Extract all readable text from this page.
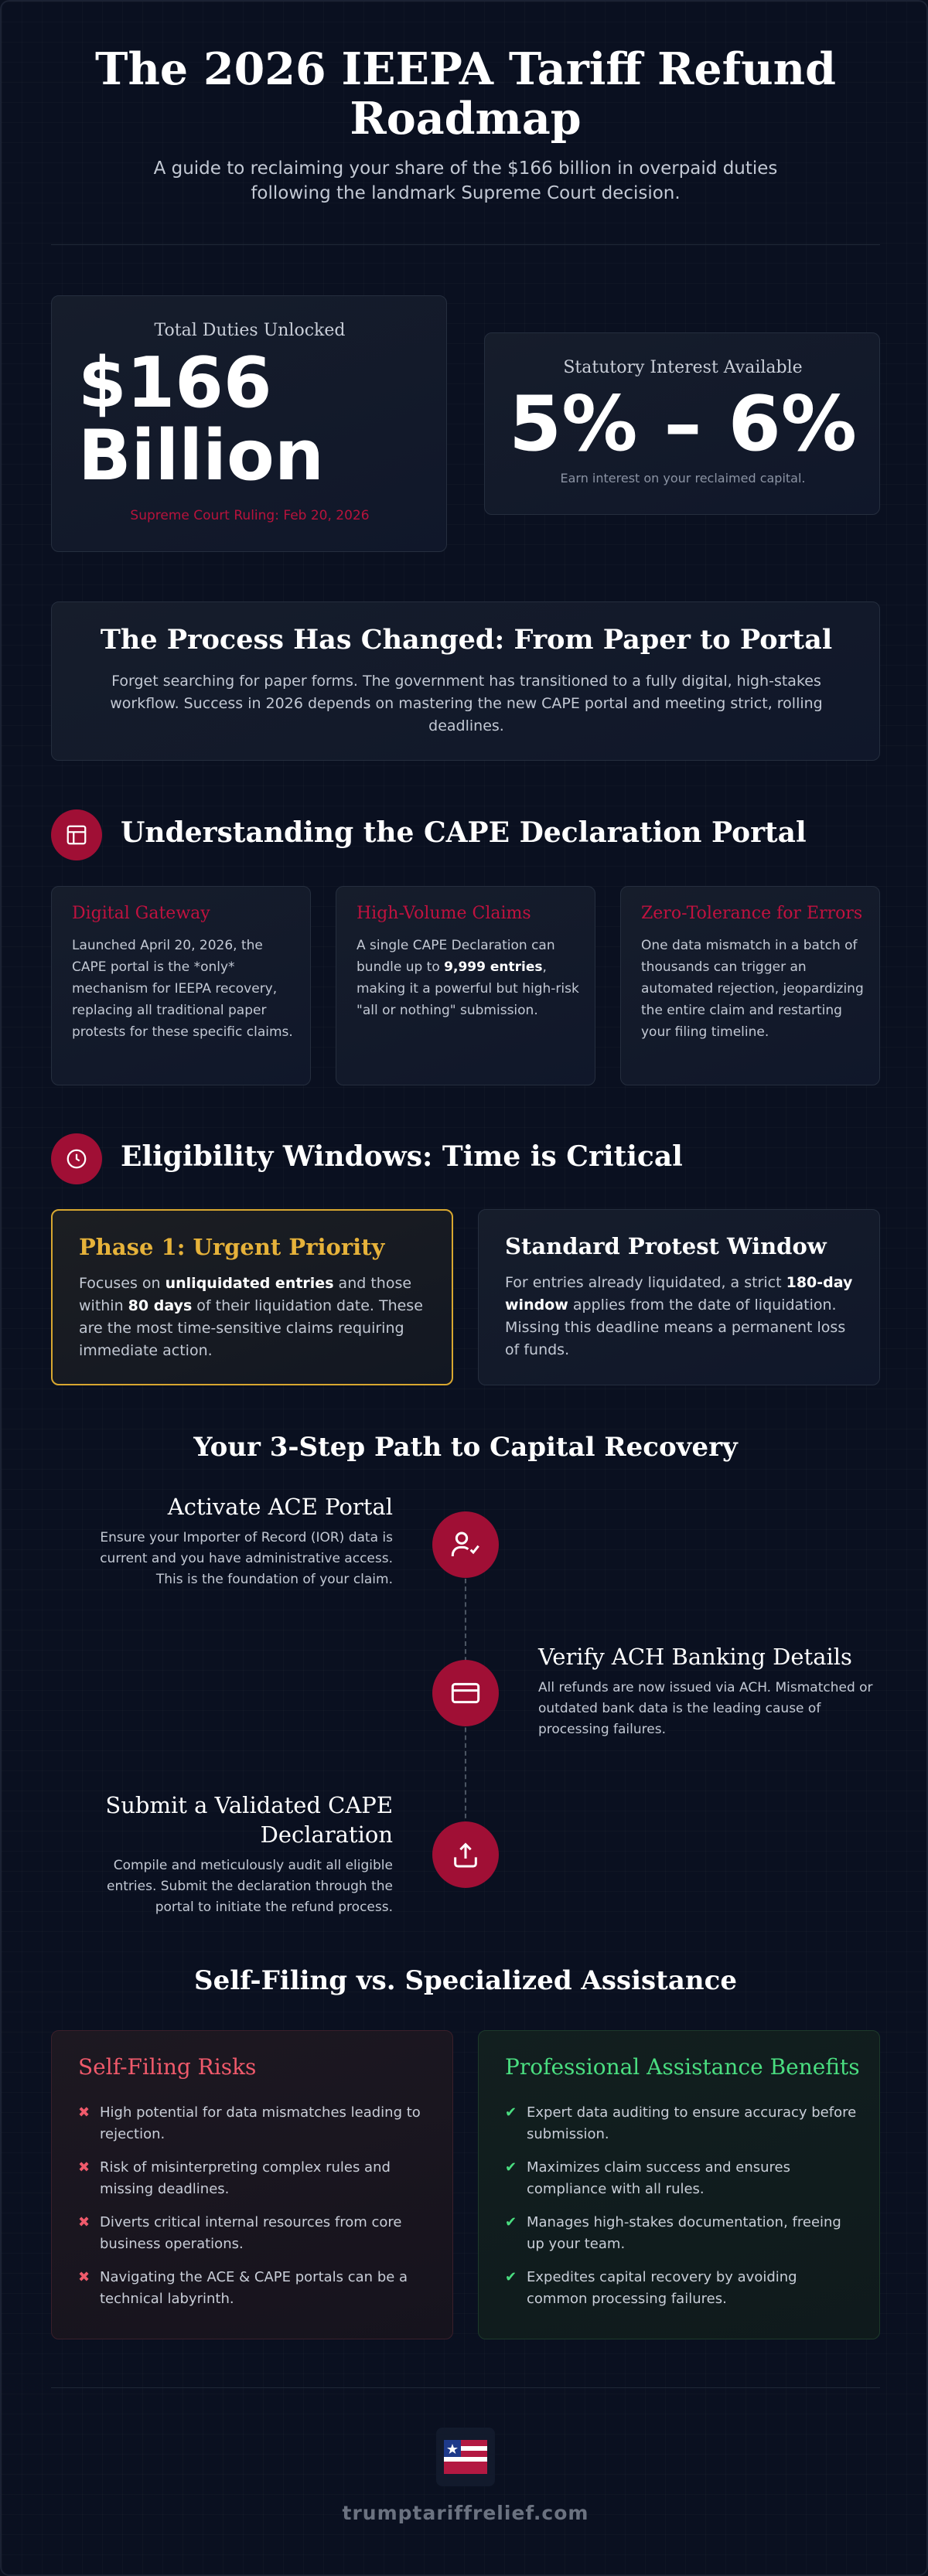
The 2026 IEEPA Tariff Refund Roadmap

A guide to reclaiming your share of the $166 billion in overpaid duties following the landmark Supreme Court decision.

Total Duties Unlocked
$166
Billion
Supreme Court Ruling: Feb 20, 2026
Statutory Interest Available
5% – 6%
Earn interest on your reclaimed capital.
The Process Has Changed: From Paper to Portal
Forget searching for paper forms. The government has transitioned to a fully digital, high-stakes workflow. Success in 2026 depends on mastering the new CAPE portal and meeting strict, rolling deadlines.
Understanding the CAPE Declaration Portal
Digital Gateway
Launched April 20, 2026, the CAPE portal is the *only* mechanism for IEEPA recovery, replacing all traditional paper protests for these specific claims.
High-Volume Claims
A single CAPE Declaration can bundle up to 9,999 entries, making it a powerful but high-risk "all or nothing" submission.
Zero-Tolerance for Errors
One data mismatch in a batch of thousands can trigger an automated rejection, jeopardizing the entire claim and restarting your filing timeline.
Eligibility Windows: Time is Critical
Phase 1: Urgent Priority
Focuses on unliquidated entries and those within 80 days of their liquidation date. These are the most time-sensitive claims requiring immediate action.
Standard Protest Window
For entries already liquidated, a strict 180-day window applies from the date of liquidation. Missing this deadline means a permanent loss of funds.
Your 3-Step Path to Capital Recovery
Activate ACE Portal
Ensure your Importer of Record (IOR) data is current and you have administrative access. This is the foundation of your claim.
Verify ACH Banking Details
All refunds are now issued via ACH. Mismatched or outdated bank data is the leading cause of processing failures.
Submit a Validated CAPE Declaration
Compile and meticulously audit all eligible entries. Submit the declaration through the portal to initiate the refund process.
Self-Filing vs. Specialized Assistance
Self-Filing Risks
✖ High potential for data mismatches leading to rejection.
✖ Risk of misinterpreting complex rules and missing deadlines.
✖ Diverts critical internal resources from core business operations.
✖ Navigating the ACE & CAPE portals can be a technical labyrinth.
Professional Assistance Benefits
✔ Expert data auditing to ensure accuracy before submission.
✔ Maximizes claim success and ensures compliance with all rules.
✔ Manages high-stakes documentation, freeing up your team.
✔ Expedites capital recovery by avoiding common processing failures.
trumptariffrelief.com
